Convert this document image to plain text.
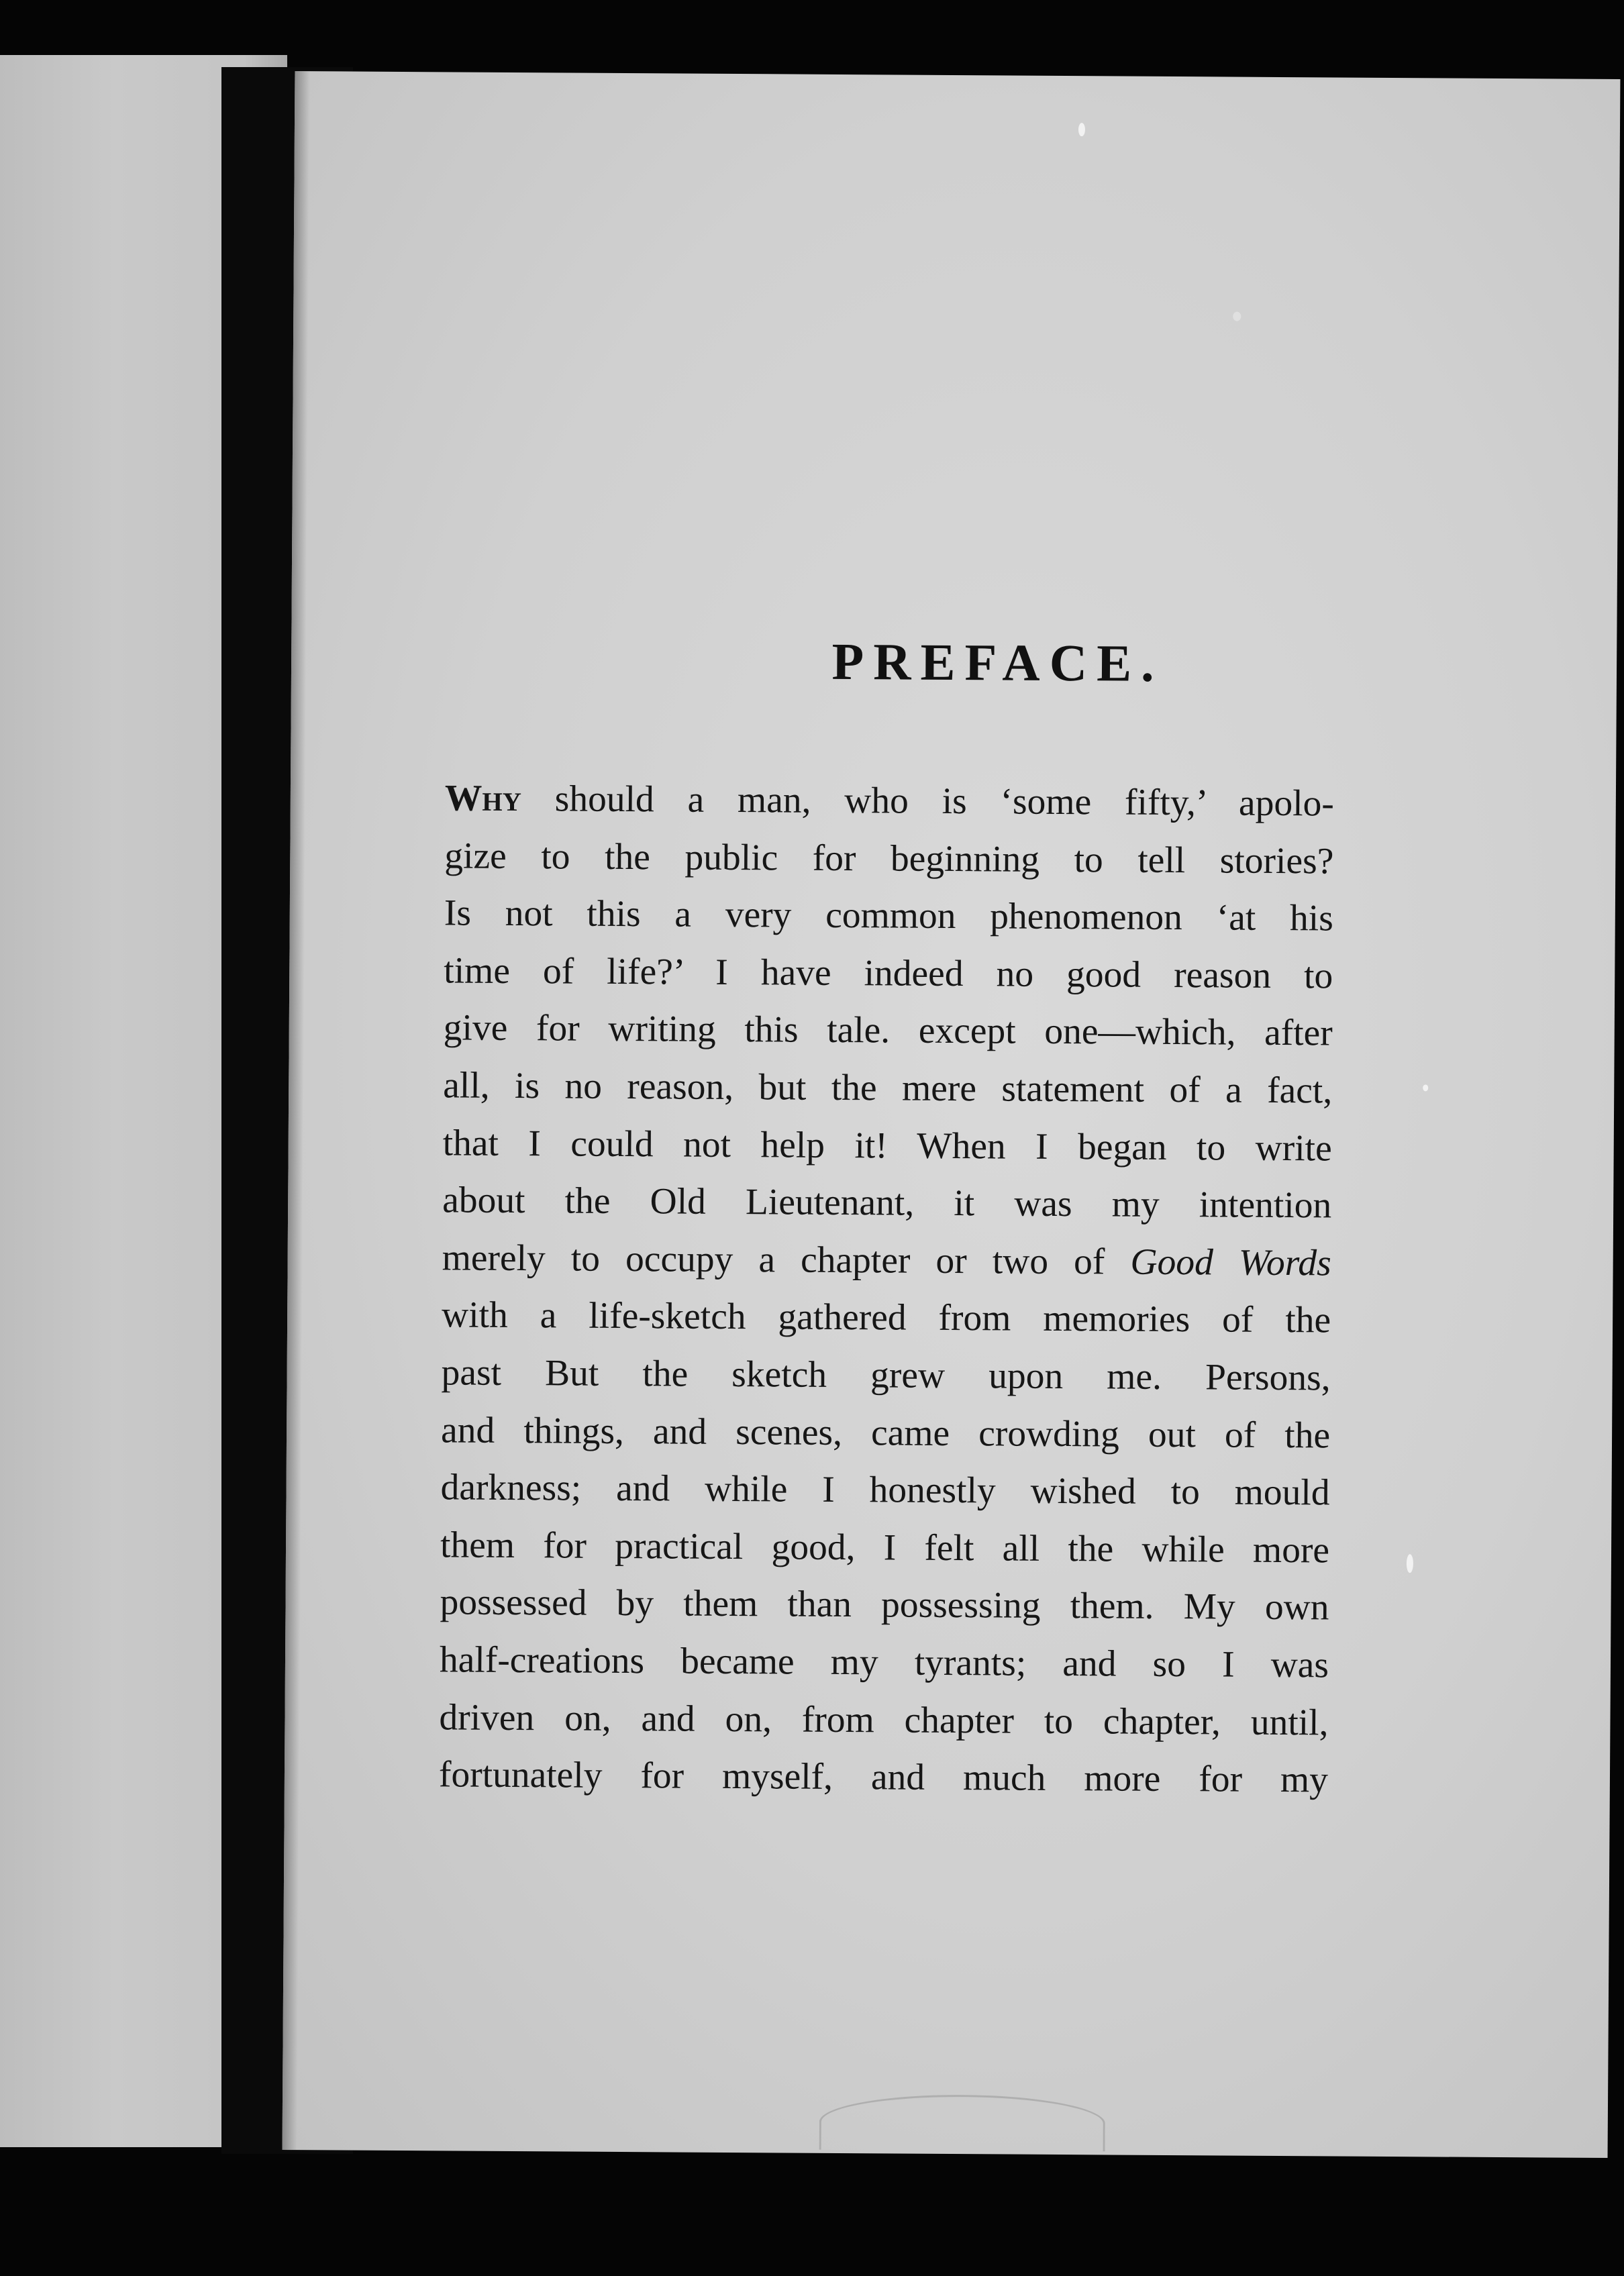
PREFACE.
Why should a man, who is ‘some fifty,’ apolo-
gize to the public for beginning to tell stories?
Is not this a very common phenomenon ‘at his
time of life?’ I have indeed no good reason to
give for writing this tale. except one—which, after
all, is no reason, but the mere statement of a fact,
that I could not help it! When I began to write
about the Old Lieutenant, it was my intention
merely to occupy a chapter or two of Good Words
with a life-sketch gathered from memories of the
past But the sketch grew upon me. Persons,
and things, and scenes, came crowding out of the
darkness; and while I honestly wished to mould
them for practical good, I felt all the while more
possessed by them than possessing them. My own
half-creations became my tyrants; and so I was
driven on, and on, from chapter to chapter, until,
fortunately for myself, and much more for my
